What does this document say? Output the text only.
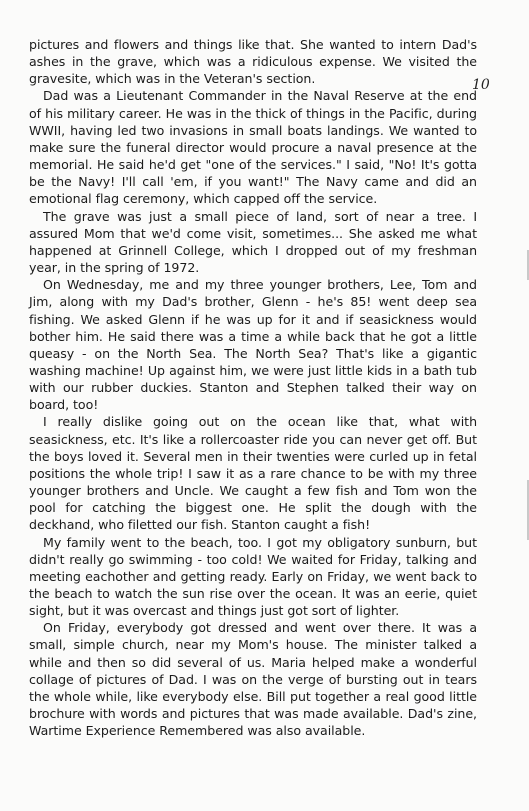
10

pictures and flowers and things like that. She wanted to intern Dad's ashes in the grave, which was a ridiculous expense. We visited the gravesite, which was in the Veteran's section.

Dad was a Lieutenant Commander in the Naval Reserve at the end of his military career. He was in the thick of things in the Pacific, during WWII, having led two invasions in small boats landings. We wanted to make sure the funeral director would procure a naval presence at the memorial. He said he'd get "one of the services." I said, "No! It's gotta be the Navy! I'll call 'em, if you want!" The Navy came and did an emotional flag ceremony, which capped off the service.

The grave was just a small piece of land, sort of near a tree. I assured Mom that we'd come visit, sometimes... She asked me what happened at Grinnell College, which I dropped out of my freshman year, in the spring of 1972.

On Wednesday, me and my three younger brothers, Lee, Tom and Jim, along with my Dad's brother, Glenn - he's 85! went deep sea fishing. We asked Glenn if he was up for it and if seasickness would bother him. He said there was a time a while back that he got a little queasy - on the North Sea. The North Sea? That's like a gigantic washing machine! Up against him, we were just little kids in a bath tub with our rubber duckies. Stanton and Stephen talked their way on board, too!

I really dislike going out on the ocean like that, what with seasickness, etc. It's like a rollercoaster ride you can never get off. But the boys loved it. Several men in their twenties were curled up in fetal positions the whole trip! I saw it as a rare chance to be with my three younger brothers and Uncle. We caught a few fish and Tom won the pool for catching the biggest one. He split the dough with the deckhand, who filetted our fish. Stanton caught a fish!

My family went to the beach, too. I got my obligatory sunburn, but didn't really go swimming - too cold! We waited for Friday, talking and meeting eachother and getting ready. Early on Friday, we went back to the beach to watch the sun rise over the ocean. It was an eerie, quiet sight, but it was overcast and things just got sort of lighter.

On Friday, everybody got dressed and went over there. It was a small, simple church, near my Mom's house. The minister talked a while and then so did several of us. Maria helped make a wonderful collage of pictures of Dad. I was on the verge of bursting out in tears the whole while, like everybody else. Bill put together a real good little brochure with words and pictures that was made available. Dad's zine, Wartime Experience Remembered was also available.
